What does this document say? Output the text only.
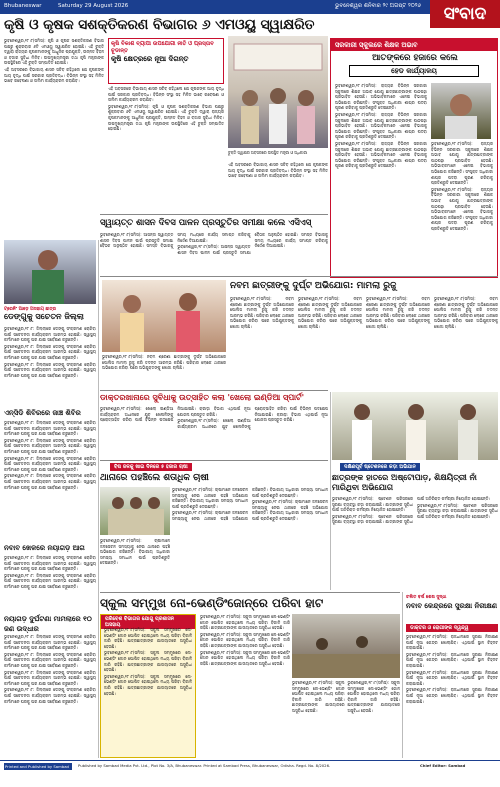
Bhubaneswar	Saturday 29 August 2026	ଭୁବନେଶ୍ୱର ଶନିବାର ୨୯ ଅଗଷ୍ଟ ୨୦୨୬	ସଂବାଦ
କୃଷି ଓ କୃଷକ ସଶକ୍ତିକରଣ ବିଭାଗର ୬ ଏମଓୟୁ ସ୍ୱାକ୍ଷରିତ

ଭୁବନେଶ୍ୱର,୨୮।୮(ସମିସ): କୃଷି ଓ କୃଷକ ସଶକ୍ତିକରଣ ବିଭାଗ ପକ୍ଷରୁ ଶୁକ୍ରବାର ୬ଟି ଏମଓୟୁ ସ୍ୱାକ୍ଷରିତ ହୋଇଛି। ଏହି ଚୁକ୍ତି ଦ୍ୱାରା ରାଜ୍ୟର କୃଷକମାନଙ୍କୁ ଆଧୁନିକ ପ୍ରଯୁକ୍ତି, ଉନ୍ନତ ବିହନ ଓ ବଜାର ସୁବିଧା ମିଳିବ। ଉପମୁଖ୍ୟମନ୍ତ୍ରୀ ତଥା କୃଷି ମନ୍ତ୍ରୀଙ୍କ ଉପସ୍ଥିତିରେ ଏହି ଚୁକ୍ତି ସମ୍ପାଦିତ ହୋଇଛି।

ଏହି ଅବସରରେ ବିଭାଗୀୟ ଶାସନ ସଚିବ କହିଥିଲେ ଯେ କୃଷକଙ୍କ ଆୟ ବୃଦ୍ଧି ପାଇଁ ସରକାର ପ୍ରତିବଦ୍ଧ। ବିଭିନ୍ନ ସଂସ୍ଥା ସହ ମିଳିତ ଭାବେ ଗବେଷଣା ଓ ତାଲିମ କାର୍ଯ୍ୟକ୍ରମ କରାଯିବ।

କୃଷି ବିକାଶ ବ୍ୟାପୀ ଉପଯୋଗୀ ନୀତି ଓ ପ୍ରସ୍ତାବ ଚୂଡାନ୍ତ
କୃଷି କ୍ଷେତ୍ରରେ ନୂଆ ଦିଗନ୍ତ

ଏହି ଅବସରରେ ବିଭାଗୀୟ ଶାସନ ସଚିବ କହିଥିଲେ ଯେ କୃଷକଙ୍କ ଆୟ ବୃଦ୍ଧି ପାଇଁ ସରକାର ପ୍ରତିବଦ୍ଧ। ବିଭିନ୍ନ ସଂସ୍ଥା ସହ ମିଳିତ ଭାବେ ଗବେଷଣା ଓ ତାଲିମ କାର୍ଯ୍ୟକ୍ରମ କରାଯିବ।

ଭୁବନେଶ୍ୱର,୨୮।୮(ସମିସ): କୃଷି ଓ କୃଷକ ସଶକ୍ତିକରଣ ବିଭାଗ ପକ୍ଷରୁ ଶୁକ୍ରବାର ୬ଟି ଏମଓୟୁ ସ୍ୱାକ୍ଷରିତ ହୋଇଛି। ଏହି ଚୁକ୍ତି ଦ୍ୱାରା ରାଜ୍ୟର କୃଷକମାନଙ୍କୁ ଆଧୁନିକ ପ୍ରଯୁକ୍ତି, ଉନ୍ନତ ବିହନ ଓ ବଜାର ସୁବିଧା ମିଳିବ। ଉପମୁଖ୍ୟମନ୍ତ୍ରୀ ତଥା କୃଷି ମନ୍ତ୍ରୀଙ୍କ ଉପସ୍ଥିତିରେ ଏହି ଚୁକ୍ତି ସମ୍ପାଦିତ ହୋଇଛି।

ଚୁକ୍ତି ସ୍ୱାକ୍ଷର ଅବସରରେ ଉପସ୍ଥିତ ମନ୍ତ୍ରୀ ଓ ଅଧିକାରୀ

ଏହି ଅବସରରେ ବିଭାଗୀୟ ଶାସନ ସଚିବ କହିଥିଲେ ଯେ କୃଷକଙ୍କ ଆୟ ବୃଦ୍ଧି ପାଇଁ ସରକାର ପ୍ରତିବଦ୍ଧ। ବିଭିନ୍ନ ସଂସ୍ଥା ସହ ମିଳିତ ଭାବେ ଗବେଷଣା ଓ ତାଲିମ କାର୍ଯ୍ୟକ୍ରମ କରାଯିବ।

ସରକାରୀ ସ୍କୁଲରେ ଶିକ୍ଷକ ଅଭାବ
ଆତଙ୍କରେ ହଜାରେ କଲେ
ହେଡ କାର୍ଯ୍ୟାଳୟ

ଭୁବନେଶ୍ୱର,୨୮।୮(ସମିସ): ରାଜ୍ୟର ବିଭିନ୍ନ ସରକାରୀ ସ୍କୁଲରେ ଶିକ୍ଷକ ଅଭାବ ଯୋଗୁ ଛାତ୍ରଛାତ୍ରୀଙ୍କ ପାଠପଢ଼ା ପ୍ରଭାବିତ ହେଉଛି। ଅଭିଭାବକମାନେ ଏନେଇ ବିଭାଗକୁ ଅଭିଯୋଗ କରିଛନ୍ତି। ସଂପୃକ୍ତ ଅଧିକାରୀ ଶୀଘ୍ର ପଦବୀ ପୂରଣ କରିବାକୁ ପ୍ରତିଶ୍ରୁତି ଦେଇଛନ୍ତି।

ଭୁବନେଶ୍ୱର,୨୮।୮(ସମିସ): ରାଜ୍ୟର ବିଭିନ୍ନ ସରକାରୀ ସ୍କୁଲରେ ଶିକ୍ଷକ ଅଭାବ ଯୋଗୁ ଛାତ୍ରଛାତ୍ରୀଙ୍କ ପାଠପଢ଼ା ପ୍ରଭାବିତ ହେଉଛି। ଅଭିଭାବକମାନେ ଏନେଇ ବିଭାଗକୁ ଅଭିଯୋଗ କରିଛନ୍ତି। ସଂପୃକ୍ତ ଅଧିକାରୀ ଶୀଘ୍ର ପଦବୀ ପୂରଣ କରିବାକୁ ପ୍ରତିଶ୍ରୁତି ଦେଇଛନ୍ତି।

ଭୁବନେଶ୍ୱର,୨୮।୮(ସମିସ): ରାଜ୍ୟର ବିଭିନ୍ନ ସରକାରୀ ସ୍କୁଲରେ ଶିକ୍ଷକ ଅଭାବ ଯୋଗୁ ଛାତ୍ରଛାତ୍ରୀଙ୍କ ପାଠପଢ଼ା ପ୍ରଭାବିତ ହେଉଛି। ଅଭିଭାବକମାନେ ଏନେଇ ବିଭାଗକୁ ଅଭିଯୋଗ କରିଛନ୍ତି। ସଂପୃକ୍ତ ଅଧିକାରୀ ଶୀଘ୍ର ପଦବୀ ପୂରଣ କରିବାକୁ ପ୍ରତିଶ୍ରୁତି ଦେଇଛନ୍ତି।

ଭୁବନେଶ୍ୱର,୨୮।୮(ସମିସ): ରାଜ୍ୟର ବିଭିନ୍ନ ସରକାରୀ ସ୍କୁଲରେ ଶିକ୍ଷକ ଅଭାବ ଯୋଗୁ ଛାତ୍ରଛାତ୍ରୀଙ୍କ ପାଠପଢ଼ା ପ୍ରଭାବିତ ହେଉଛି। ଅଭିଭାବକମାନେ ଏନେଇ ବିଭାଗକୁ ଅଭିଯୋଗ କରିଛନ୍ତି। ସଂପୃକ୍ତ ଅଧିକାରୀ ଶୀଘ୍ର ପଦବୀ ପୂରଣ କରିବାକୁ ପ୍ରତିଶ୍ରୁତି ଦେଇଛନ୍ତି।

ଭୁବନେଶ୍ୱର,୨୮।୮(ସମିସ): ରାଜ୍ୟର ବିଭିନ୍ନ ସରକାରୀ ସ୍କୁଲରେ ଶିକ୍ଷକ ଅଭାବ ଯୋଗୁ ଛାତ୍ରଛାତ୍ରୀଙ୍କ ପାଠପଢ଼ା ପ୍ରଭାବିତ ହେଉଛି। ଅଭିଭାବକମାନେ ଏନେଇ ବିଭାଗକୁ ଅଭିଯୋଗ କରିଛନ୍ତି। ସଂପୃକ୍ତ ଅଧିକାରୀ ଶୀଘ୍ର ପଦବୀ ପୂରଣ କରିବାକୁ ପ୍ରତିଶ୍ରୁତି ଦେଇଛନ୍ତି।

ସ୍ୱାୟତ୍ତ ଶାସନ ଦିବସ ପାଳନ ପ୍ରସ୍ତୁତିର ସମୀକ୍ଷା କଲେ ଏସିଏସ୍

ଭୁବନେଶ୍ୱର,୨୮।୮(ସମିସ): ଆସନ୍ତା ସ୍ୱାୟତ୍ତ ଶାସନ ଦିବସ ପାଳନ ପାଇଁ ପ୍ରସ୍ତୁତି ସମୀକ୍ଷା ବୈଠକ ଅନୁଷ୍ଠିତ ହୋଇଛି। ସମସ୍ତ ବିଭାଗକୁ ସମୟ ମଧ୍ୟରେ କାର୍ଯ୍ୟ ସମାପ୍ତ କରିବାକୁ ନିର୍ଦ୍ଦେଶ ଦିଆଯାଇଛି।

ଭୁବନେଶ୍ୱର,୨୮।୮(ସମିସ): ଆସନ୍ତା ସ୍ୱାୟତ୍ତ ଶାସନ ଦିବସ ପାଳନ ପାଇଁ ପ୍ରସ୍ତୁତି ସମୀକ୍ଷା ବୈଠକ ଅନୁଷ୍ଠିତ ହୋଇଛି। ସମସ୍ତ ବିଭାଗକୁ ସମୟ ମଧ୍ୟରେ କାର୍ଯ୍ୟ ସମାପ୍ତ କରିବାକୁ ନିର୍ଦ୍ଦେଶ ଦିଆଯାଇଛି।

ଟ୍ରେନିଂ ଆଡ଼େ ଅସହାୟ ଛାତ୍ର
ଡେଙ୍ଗୁକୁ ସଚେତନ ଜିଲ୍ଲା

ଭୁବନେଶ୍ୱର,୨୮।୮: ଜିଲ୍ଲାରେ ଡେଙ୍ଗୁ ସଂକ୍ରମଣ ରୋକିବା ପାଇଁ ସଚେତନତା କାର୍ଯ୍ୟକ୍ରମ ଆରମ୍ଭ ହୋଇଛି। ସ୍ୱାସ୍ଥ୍ୟ କର୍ମୀମାନେ ଘରକୁ ଘର ଯାଇ ସର୍ବେକ୍ଷଣ କରୁଛନ୍ତି।

ଭୁବନେଶ୍ୱର,୨୮।୮: ଜିଲ୍ଲାରେ ଡେଙ୍ଗୁ ସଂକ୍ରମଣ ରୋକିବା ପାଇଁ ସଚେତନତା କାର୍ଯ୍ୟକ୍ରମ ଆରମ୍ଭ ହୋଇଛି। ସ୍ୱାସ୍ଥ୍ୟ କର୍ମୀମାନେ ଘରକୁ ଘର ଯାଇ ସର୍ବେକ୍ଷଣ କରୁଛନ୍ତି।

ଭୁବନେଶ୍ୱର,୨୮।୮: ଜିଲ୍ଲାରେ ଡେଙ୍ଗୁ ସଂକ୍ରମଣ ରୋକିବା ପାଇଁ ସଚେତନତା କାର୍ଯ୍ୟକ୍ରମ ଆରମ୍ଭ ହୋଇଛି। ସ୍ୱାସ୍ଥ୍ୟ କର୍ମୀମାନେ ଘରକୁ ଘର ଯାଇ ସର୍ବେକ୍ଷଣ କରୁଛନ୍ତି।

ଏନ୍ସିଡି ଶିବିରରେ ଜାଞ୍ଚ ଶିବିର

ଭୁବନେଶ୍ୱର,୨୮।୮: ଜିଲ୍ଲାରେ ଡେଙ୍ଗୁ ସଂକ୍ରମଣ ରୋକିବା ପାଇଁ ସଚେତନତା କାର୍ଯ୍ୟକ୍ରମ ଆରମ୍ଭ ହୋଇଛି। ସ୍ୱାସ୍ଥ୍ୟ କର୍ମୀମାନେ ଘରକୁ ଘର ଯାଇ ସର୍ବେକ୍ଷଣ କରୁଛନ୍ତି।

ଭୁବନେଶ୍ୱର,୨୮।୮: ଜିଲ୍ଲାରେ ଡେଙ୍ଗୁ ସଂକ୍ରମଣ ରୋକିବା ପାଇଁ ସଚେତନତା କାର୍ଯ୍ୟକ୍ରମ ଆରମ୍ଭ ହୋଇଛି। ସ୍ୱାସ୍ଥ୍ୟ କର୍ମୀମାନେ ଘରକୁ ଘର ଯାଇ ସର୍ବେକ୍ଷଣ କରୁଛନ୍ତି।

ଭୁବନେଶ୍ୱର,୨୮।୮: ଜିଲ୍ଲାରେ ଡେଙ୍ଗୁ ସଂକ୍ରମଣ ରୋକିବା ପାଇଁ ସଚେତନତା କାର୍ଯ୍ୟକ୍ରମ ଆରମ୍ଭ ହୋଇଛି। ସ୍ୱାସ୍ଥ୍ୟ କର୍ମୀମାନେ ଘରକୁ ଘର ଯାଇ ସର୍ବେକ୍ଷଣ କରୁଛନ୍ତି।

ଭୁବନେଶ୍ୱର,୨୮।୮: ଜିଲ୍ଲାରେ ଡେଙ୍ଗୁ ସଂକ୍ରମଣ ରୋକିବା ପାଇଁ ସଚେତନତା କାର୍ଯ୍ୟକ୍ରମ ଆରମ୍ଭ ହୋଇଛି। ସ୍ୱାସ୍ଥ୍ୟ କର୍ମୀମାନେ ଘରକୁ ଘର ଯାଇ ସର୍ବେକ୍ଷଣ କରୁଛନ୍ତି।

ନବାବ ଖେଳରେ ନୟାଗଡ଼ ଆଗ

ଭୁବନେଶ୍ୱର,୨୮।୮: ଜିଲ୍ଲାରେ ଡେଙ୍ଗୁ ସଂକ୍ରମଣ ରୋକିବା ପାଇଁ ସଚେତନତା କାର୍ଯ୍ୟକ୍ରମ ଆରମ୍ଭ ହୋଇଛି। ସ୍ୱାସ୍ଥ୍ୟ କର୍ମୀମାନେ ଘରକୁ ଘର ଯାଇ ସର୍ବେକ୍ଷଣ କରୁଛନ୍ତି।

ଭୁବନେଶ୍ୱର,୨୮।୮: ଜିଲ୍ଲାରେ ଡେଙ୍ଗୁ ସଂକ୍ରମଣ ରୋକିବା ପାଇଁ ସଚେତନତା କାର୍ଯ୍ୟକ୍ରମ ଆରମ୍ଭ ହୋଇଛି। ସ୍ୱାସ୍ଥ୍ୟ କର୍ମୀମାନେ ଘରକୁ ଘର ଯାଇ ସର୍ବେକ୍ଷଣ କରୁଛନ୍ତି।

ନୟାଗଡ଼ ଦୁର୍ଘଟଣା ମାମଲାରେ ୧୦ ଜଣ ଉଦ୍ଧାର

ଭୁବନେଶ୍ୱର,୨୮।୮: ଜିଲ୍ଲାରେ ଡେଙ୍ଗୁ ସଂକ୍ରମଣ ରୋକିବା ପାଇଁ ସଚେତନତା କାର୍ଯ୍ୟକ୍ରମ ଆରମ୍ଭ ହୋଇଛି। ସ୍ୱାସ୍ଥ୍ୟ କର୍ମୀମାନେ ଘରକୁ ଘର ଯାଇ ସର୍ବେକ୍ଷଣ କରୁଛନ୍ତି।

ଭୁବନେଶ୍ୱର,୨୮।୮: ଜିଲ୍ଲାରେ ଡେଙ୍ଗୁ ସଂକ୍ରମଣ ରୋକିବା ପାଇଁ ସଚେତନତା କାର୍ଯ୍ୟକ୍ରମ ଆରମ୍ଭ ହୋଇଛି। ସ୍ୱାସ୍ଥ୍ୟ କର୍ମୀମାନେ ଘରକୁ ଘର ଯାଇ ସର୍ବେକ୍ଷଣ କରୁଛନ୍ତି।

ଭୁବନେଶ୍ୱର,୨୮।୮: ଜିଲ୍ଲାରେ ଡେଙ୍ଗୁ ସଂକ୍ରମଣ ରୋକିବା ପାଇଁ ସଚେତନତା କାର୍ଯ୍ୟକ୍ରମ ଆରମ୍ଭ ହୋଇଛି। ସ୍ୱାସ୍ଥ୍ୟ କର୍ମୀମାନେ ଘରକୁ ଘର ଯାଇ ସର୍ବେକ୍ଷଣ କରୁଛନ୍ତି।

ଭୁବନେଶ୍ୱର,୨୮।୮: ଜିଲ୍ଲାରେ ଡେଙ୍ଗୁ ସଂକ୍ରମଣ ରୋକିବା ପାଇଁ ସଚେତନତା କାର୍ଯ୍ୟକ୍ରମ ଆରମ୍ଭ ହୋଇଛି। ସ୍ୱାସ୍ଥ୍ୟ କର୍ମୀମାନେ ଘରକୁ ଘର ଯାଇ ସର୍ବେକ୍ଷଣ କରୁଛନ୍ତି।

ନବମ ଛାତ୍ରୀଙ୍କୁ ଦୁର୍ଘ୍ଟ ଅଭିଯୋଗ: ମାମଲା ରୁଜୁ

ଭୁବନେଶ୍ୱର,୨୮।୮(ସମିସ): ନବମ ଶ୍ରେଣୀ ଛାତ୍ରୀଙ୍କୁ ଦୁର୍ଘ୍ଟ ଅଭିଯୋଗରେ ପୋଲିସ ମାମଲା ରୁଜୁ କରି ତଦନ୍ତ ଆରମ୍ଭ କରିଛି। ପରିବାର ଲୋକେ ଥାନାରେ ଅଭିଯୋଗ କରିବା ପରେ ଅଭିଯୁକ୍ତଙ୍କୁ ଖୋଜା ଚାଲିଛି।

ଭୁବନେଶ୍ୱର,୨୮।୮(ସମିସ): ନବମ ଶ୍ରେଣୀ ଛାତ୍ରୀଙ୍କୁ ଦୁର୍ଘ୍ଟ ଅଭିଯୋଗରେ ପୋଲିସ ମାମଲା ରୁଜୁ କରି ତଦନ୍ତ ଆରମ୍ଭ କରିଛି। ପରିବାର ଲୋକେ ଥାନାରେ ଅଭିଯୋଗ କରିବା ପରେ ଅଭିଯୁକ୍ତଙ୍କୁ ଖୋଜା ଚାଲିଛି।

ଭୁବନେଶ୍ୱର,୨୮।୮(ସମିସ): ନବମ ଶ୍ରେଣୀ ଛାତ୍ରୀଙ୍କୁ ଦୁର୍ଘ୍ଟ ଅଭିଯୋଗରେ ପୋଲିସ ମାମଲା ରୁଜୁ କରି ତଦନ୍ତ ଆରମ୍ଭ କରିଛି। ପରିବାର ଲୋକେ ଥାନାରେ ଅଭିଯୋଗ କରିବା ପରେ ଅଭିଯୁକ୍ତଙ୍କୁ ଖୋଜା ଚାଲିଛି।

ଭୁବନେଶ୍ୱର,୨୮।୮(ସମିସ): ନବମ ଶ୍ରେଣୀ ଛାତ୍ରୀଙ୍କୁ ଦୁର୍ଘ୍ଟ ଅଭିଯୋଗରେ ପୋଲିସ ମାମଲା ରୁଜୁ କରି ତଦନ୍ତ ଆରମ୍ଭ କରିଛି। ପରିବାର ଲୋକେ ଥାନାରେ ଅଭିଯୋଗ କରିବା ପରେ ଅଭିଯୁକ୍ତଙ୍କୁ ଖୋଜା ଚାଲିଛି।

ଭୁବନେଶ୍ୱର,୨୮।୮(ସମିସ): ନବମ ଶ୍ରେଣୀ ଛାତ୍ରୀଙ୍କୁ ଦୁର୍ଘ୍ଟ ଅଭିଯୋଗରେ ପୋଲିସ ମାମଲା ରୁଜୁ କରି ତଦନ୍ତ ଆରମ୍ଭ କରିଛି। ପରିବାର ଲୋକେ ଥାନାରେ ଅଭିଯୋଗ କରିବା ପରେ ଅଭିଯୁକ୍ତଙ୍କୁ ଖୋଜା ଚାଲିଛି।

ଡାକ୍ତରଖାନାରେ ସୁବିଧାକୁ ଉତ୍ସାହିତ କଲା 'ଖେଲୋ ଇଣ୍ଡିଆ ସ୍ପାର୍ଟ'

ଭୁବନେଶ୍ୱର,୨୮।୮(ସମିସ): ଖେଲୋ ଇଣ୍ଡିଆ କାର୍ଯ୍ୟକ୍ରମ ଅଧୀନରେ ଯୁବ ଖେଳାଳିଙ୍କୁ ପ୍ରୋତ୍ସାହିତ କରିବା ପାଇଁ ବିଭିନ୍ନ ପଦକ୍ଷେପ ନିଆଯାଇଛି। କ୍ରୀଡ଼ା ବିଭାଗ ଏଥିପାଇଁ ନୂଆ ଯୋଜନା ପ୍ରସ୍ତୁତ କରିଛି।

ଭୁବନେଶ୍ୱର,୨୮।୮(ସମିସ): ଖେଲୋ ଇଣ୍ଡିଆ କାର୍ଯ୍ୟକ୍ରମ ଅଧୀନରେ ଯୁବ ଖେଳାଳିଙ୍କୁ ପ୍ରୋତ୍ସାହିତ କରିବା ପାଇଁ ବିଭିନ୍ନ ପଦକ୍ଷେପ ନିଆଯାଇଛି। କ୍ରୀଡ଼ା ବିଭାଗ ଏଥିପାଇଁ ନୂଆ ଯୋଜନା ପ୍ରସ୍ତୁତ କରିଛି।

ବିଷ ଜଳକୁ ଖାଇ ଦିନରେ ୫ ହଜାର ଚାଷୀ
ଥାନାରେ ପହଞ୍ଚିଲେ ଶତାଧିକ ଚାଷୀ

ଭୁବନେଶ୍ୱର,୨୮।୮(ସମିସ): ଚାଷୀମାନେ ଜଳସେଚନ ସମସ୍ୟାକୁ ନେଇ ଥାନାରେ ପହଞ୍ଚି ଅଭିଯୋଗ କରିଛନ୍ତି। ବିଭାଗୀୟ ଅଧିକାରୀ ସମସ୍ୟା ସମାଧାନ ପାଇଁ ପ୍ରତିଶ୍ରୁତି ଦେଇଛନ୍ତି।

ଭୁବନେଶ୍ୱର,୨୮।୮(ସମିସ): ଚାଷୀମାନେ ଜଳସେଚନ ସମସ୍ୟାକୁ ନେଇ ଥାନାରେ ପହଞ୍ଚି ଅଭିଯୋଗ କରିଛନ୍ତି। ବିଭାଗୀୟ ଅଧିକାରୀ ସମସ୍ୟା ସମାଧାନ ପାଇଁ ପ୍ରତିଶ୍ରୁତି ଦେଇଛନ୍ତି।

ଭୁବନେଶ୍ୱର,୨୮।୮(ସମିସ): ଚାଷୀମାନେ ଜଳସେଚନ ସମସ୍ୟାକୁ ନେଇ ଥାନାରେ ପହଞ୍ଚି ଅଭିଯୋଗ କରିଛନ୍ତି। ବିଭାଗୀୟ ଅଧିକାରୀ ସମସ୍ୟା ସମାଧାନ ପାଇଁ ପ୍ରତିଶ୍ରୁତି ଦେଇଛନ୍ତି।

ଭୁବନେଶ୍ୱର,୨୮।୮(ସମିସ): ଚାଷୀମାନେ ଜଳସେଚନ ସମସ୍ୟାକୁ ନେଇ ଥାନାରେ ପହଞ୍ଚି ଅଭିଯୋଗ କରିଛନ୍ତି। ବିଭାଗୀୟ ଅଧିକାରୀ ସମସ୍ୟା ସମାଧାନ ପାଇଁ ପ୍ରତିଶ୍ରୁତି ଦେଇଛନ୍ତି।

ଦକ୍ଷିଣପୂର୍ବ ଷ୍ଟେଶନରେ କଡ଼ା ଅଭିଯାନ
ଛାତ୍ରଙ୍କ ହାତରେ ଅଷ୍ଟୋପାଡ଼, ଶିକ୍ଷୟିତ୍ରୀ ନାଁ ମାରିଥିବା ଅଭିଯୋଗ

ଭୁବନେଶ୍ୱର,୨୮।୮(ସମିସ): ଷ୍ଟେଶନ ପରିସରରେ ସୁରକ୍ଷା ବ୍ୟବସ୍ଥା କଡ଼ା କରାଯାଇଛି। ଯାତ୍ରୀଙ୍କ ସୁବିଧା ପାଇଁ ଅତିରିକ୍ତ କର୍ମଚାରୀ ନିୟୋଜିତ ହୋଇଛନ୍ତି।

ଭୁବନେଶ୍ୱର,୨୮।୮(ସମିସ): ଷ୍ଟେଶନ ପରିସରରେ ସୁରକ୍ଷା ବ୍ୟବସ୍ଥା କଡ଼ା କରାଯାଇଛି। ଯାତ୍ରୀଙ୍କ ସୁବିଧା ପାଇଁ ଅତିରିକ୍ତ କର୍ମଚାରୀ ନିୟୋଜିତ ହୋଇଛନ୍ତି।

ଭୁବନେଶ୍ୱର,୨୮।୮(ସମିସ): ଷ୍ଟେଶନ ପରିସରରେ ସୁରକ୍ଷା ବ୍ୟବସ୍ଥା କଡ଼ା କରାଯାଇଛି। ଯାତ୍ରୀଙ୍କ ସୁବିଧା ପାଇଁ ଅତିରିକ୍ତ କର୍ମଚାରୀ ନିୟୋଜିତ ହୋଇଛନ୍ତି।

ସ୍କୁଲ ସମ୍ମୁଖ ନୋ-ଭେଣ୍ଡିଂଜୋନ୍‌ରେ ପରିବା ହାଟ
ପରିବେଶ ବିଭାଗର ଯୋଗୁ ପ୍ରଶାସନ ଅସହାୟ

ଭୁବନେଶ୍ୱର,୨୮।୮(ସମିସ): ସ୍କୁଲ ସମ୍ମୁଖରେ ନୋ-ଭେଣ୍ଡିଂ ଜୋନ ଘୋଷିତ ହୋଇଥିଲେ ମଧ୍ୟ ପରିବା ବିକାଳି ଜାରି ରହିଛି। ଛାତ୍ରଛାତ୍ରୀଙ୍କ ଯାତାୟାତରେ ଅସୁବିଧା ହେଉଛି।

ଭୁବନେଶ୍ୱର,୨୮।୮(ସମିସ): ସ୍କୁଲ ସମ୍ମୁଖରେ ନୋ-ଭେଣ୍ଡିଂ ଜୋନ ଘୋଷିତ ହୋଇଥିଲେ ମଧ୍ୟ ପରିବା ବିକାଳି ଜାରି ରହିଛି। ଛାତ୍ରଛାତ୍ରୀଙ୍କ ଯାତାୟାତରେ ଅସୁବିଧା ହେଉଛି।

ଭୁବନେଶ୍ୱର,୨୮।୮(ସମିସ): ସ୍କୁଲ ସମ୍ମୁଖରେ ନୋ-ଭେଣ୍ଡିଂ ଜୋନ ଘୋଷିତ ହୋଇଥିଲେ ମଧ୍ୟ ପରିବା ବିକାଳି ଜାରି ରହିଛି। ଛାତ୍ରଛାତ୍ରୀଙ୍କ ଯାତାୟାତରେ ଅସୁବିଧା ହେଉଛି।

ଭୁବନେଶ୍ୱର,୨୮।୮(ସମିସ): ସ୍କୁଲ ସମ୍ମୁଖରେ ନୋ-ଭେଣ୍ଡିଂ ଜୋନ ଘୋଷିତ ହୋଇଥିଲେ ମଧ୍ୟ ପରିବା ବିକାଳି ଜାରି ରହିଛି। ଛାତ୍ରଛାତ୍ରୀଙ୍କ ଯାତାୟାତରେ ଅସୁବିଧା ହେଉଛି।

ଭୁବନେଶ୍ୱର,୨୮।୮(ସମିସ): ସ୍କୁଲ ସମ୍ମୁଖରେ ନୋ-ଭେଣ୍ଡିଂ ଜୋନ ଘୋଷିତ ହୋଇଥିଲେ ମଧ୍ୟ ପରିବା ବିକାଳି ଜାରି ରହିଛି। ଛାତ୍ରଛାତ୍ରୀଙ୍କ ଯାତାୟାତରେ ଅସୁବିଧା ହେଉଛି।

ଭୁବନେଶ୍ୱର,୨୮।୮(ସମିସ): ସ୍କୁଲ ସମ୍ମୁଖରେ ନୋ-ଭେଣ୍ଡିଂ ଜୋନ ଘୋଷିତ ହୋଇଥିଲେ ମଧ୍ୟ ପରିବା ବିକାଳି ଜାରି ରହିଛି। ଛାତ୍ରଛାତ୍ରୀଙ୍କ ଯାତାୟାତରେ ଅସୁବିଧା ହେଉଛି।

ଭୁବନେଶ୍ୱର,୨୮।୮(ସମିସ): ସ୍କୁଲ ସମ୍ମୁଖରେ ନୋ-ଭେଣ୍ଡିଂ ଜୋନ ଘୋଷିତ ହୋଇଥିଲେ ମଧ୍ୟ ପରିବା ବିକାଳି ଜାରି ରହିଛି। ଛାତ୍ରଛାତ୍ରୀଙ୍କ ଯାତାୟାତରେ ଅସୁବିଧା ହେଉଛି।

ଭୁବନେଶ୍ୱର,୨୮।୮(ସମିସ): ସ୍କୁଲ ସମ୍ମୁଖରେ ନୋ-ଭେଣ୍ଡିଂ ଜୋନ ଘୋଷିତ ହୋଇଥିଲେ ମଧ୍ୟ ପରିବା ବିକାଳି ଜାରି ରହିଛି। ଛାତ୍ରଛାତ୍ରୀଙ୍କ ଯାତାୟାତରେ ଅସୁବିଧା ହେଉଛି।

ଚଲିତ ବର୍ଷ ଶେଷ ସୁଦ୍ଧା
ନବାବ କେନ୍ଦ୍ରରେ ସୁରକ୍ଷା ନିରୀକ୍ଷଣ
ଡାକ୍ତର ଓ ରୋଗୀଙ୍କ ଦ୍ୱନ୍ଦ୍ୱ

ଭୁବନେଶ୍ୱର,୨୮।୮(ସମିସ): ରାଜଧାନୀରେ ସୁରକ୍ଷା ନିରୀକ୍ଷଣ ପାଇଁ ନୂଆ କେନ୍ଦ୍ର ଖୋଲାଯିବ। ଏଥିପାଇଁ ସ୍ଥାନ ଚିହ୍ନଟ କରାଯାଇଛି।

ଭୁବନେଶ୍ୱର,୨୮।୮(ସମିସ): ରାଜଧାନୀରେ ସୁରକ୍ଷା ନିରୀକ୍ଷଣ ପାଇଁ ନୂଆ କେନ୍ଦ୍ର ଖୋଲାଯିବ। ଏଥିପାଇଁ ସ୍ଥାନ ଚିହ୍ନଟ କରାଯାଇଛି।

ଭୁବନେଶ୍ୱର,୨୮।୮(ସମିସ): ରାଜଧାନୀରେ ସୁରକ୍ଷା ନିରୀକ୍ଷଣ ପାଇଁ ନୂଆ କେନ୍ଦ୍ର ଖୋଲାଯିବ। ଏଥିପାଇଁ ସ୍ଥାନ ଚିହ୍ନଟ କରାଯାଇଛି।

ଭୁବନେଶ୍ୱର,୨୮।୮(ସମିସ): ରାଜଧାନୀରେ ସୁରକ୍ଷା ନିରୀକ୍ଷଣ ପାଇଁ ନୂଆ କେନ୍ଦ୍ର ଖୋଲାଯିବ। ଏଥିପାଇଁ ସ୍ଥାନ ଚିହ୍ନଟ କରାଯାଇଛି।

Printed and Published by Sambad	Published by Sambad Media Pvt. Ltd., Plot No. 3/A, Bhubaneswar. Printed at Sambad Press, Bhubaneswar, Odisha. Regd. No. 8/2026.	Chief Editor: Sambad
